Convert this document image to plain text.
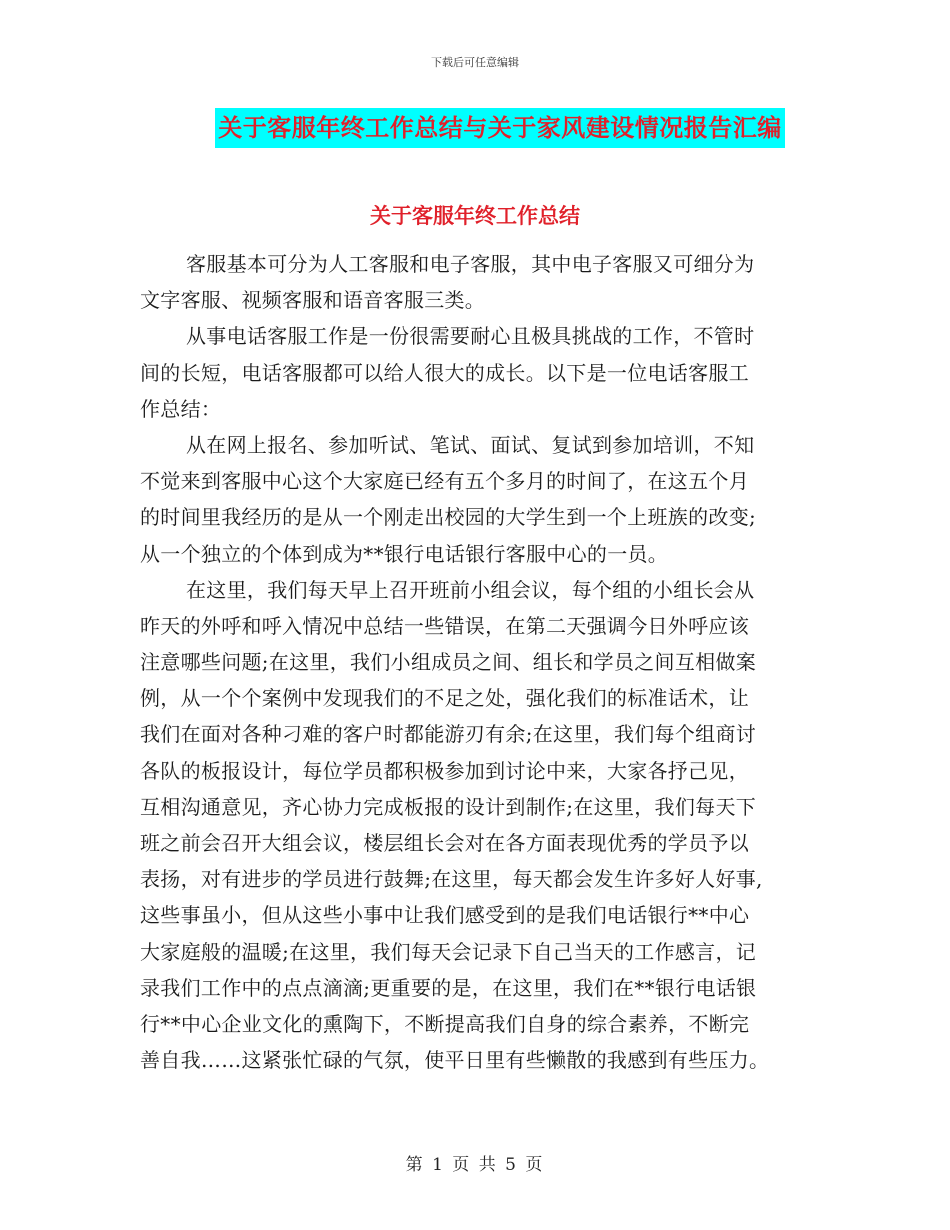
下载后可任意编辑
关于客服年终工作总结与关于家风建设情况报告汇编
关于客服年终工作总结
客服基本可分为人工客服和电子客服，其中电子客服又可细分为
文字客服、视频客服和语音客服三类。
从事电话客服工作是一份很需要耐心且极具挑战的工作，不管时
间的长短，电话客服都可以给人很大的成长。以下是一位电话客服工
作总结：
从在网上报名、参加听试、笔试、面试、复试到参加培训，不知
不觉来到客服中心这个大家庭已经有五个多月的时间了，在这五个月
的时间里我经历的是从一个刚走出校园的大学生到一个上班族的改变;
从一个独立的个体到成为**银行电话银行客服中心的一员。
在这里，我们每天早上召开班前小组会议，每个组的小组长会从
昨天的外呼和呼入情况中总结一些错误，在第二天强调今日外呼应该
注意哪些问题;在这里，我们小组成员之间、组长和学员之间互相做案
例，从一个个案例中发现我们的不足之处，强化我们的标准话术，让
我们在面对各种刁难的客户时都能游刃有余;在这里，我们每个组商讨
各队的板报设计，每位学员都积极参加到讨论中来，大家各抒己见，
互相沟通意见，齐心协力完成板报的设计到制作;在这里，我们每天下
班之前会召开大组会议，楼层组长会对在各方面表现优秀的学员予以
表扬，对有进步的学员进行鼓舞;在这里，每天都会发生许多好人好事,
这些事虽小，但从这些小事中让我们感受到的是我们电话银行**中心
大家庭般的温暖;在这里，我们每天会记录下自己当天的工作感言，记
录我们工作中的点点滴滴;更重要的是，在这里，我们在**银行电话银
行**中心企业文化的熏陶下，不断提高我们自身的综合素养，不断完
善自我……这紧张忙碌的气氛，使平日里有些懒散的我感到有些压力。
第 1 页 共 5 页
